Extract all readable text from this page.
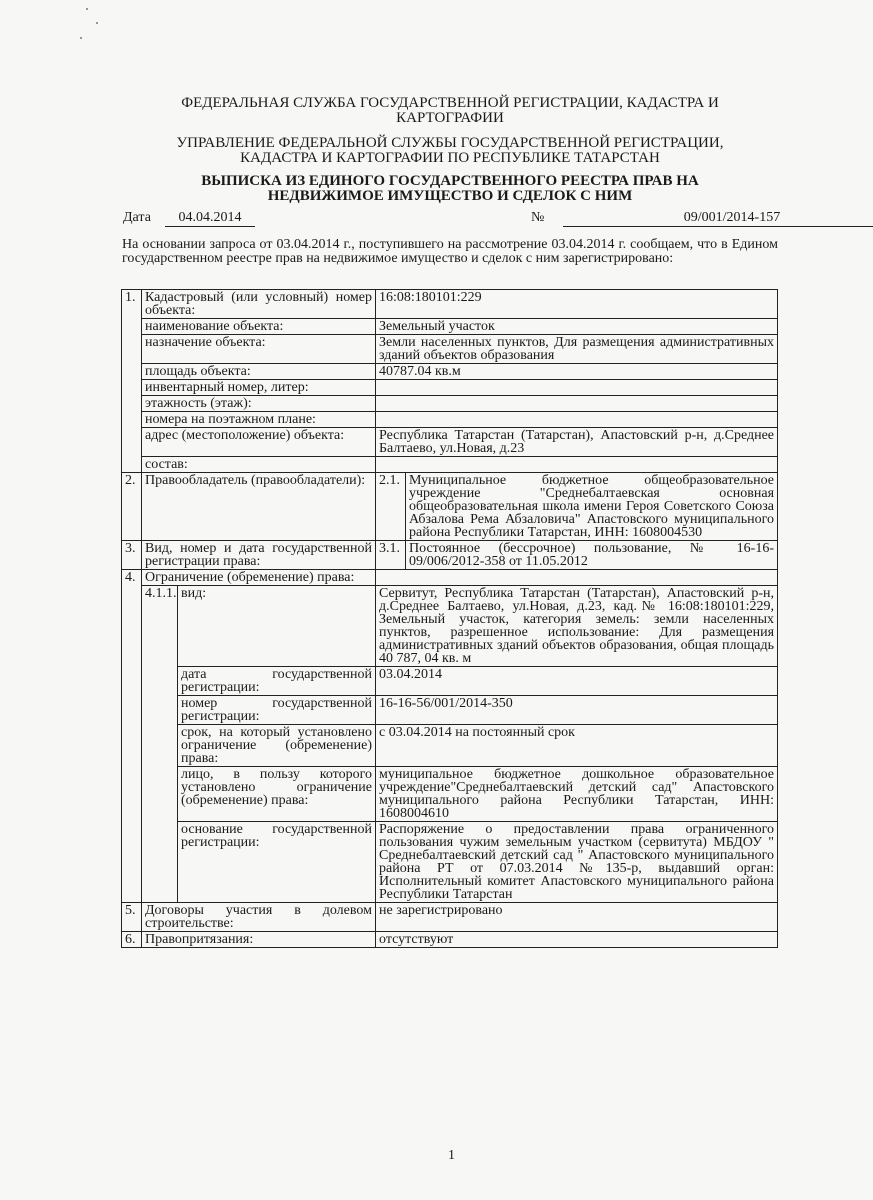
ФЕДЕРАЛЬНАЯ СЛУЖБА ГОСУДАРСТВЕННОЙ РЕГИСТРАЦИИ, КАДАСТРА И

КАРТОГРАФИИ

УПРАВЛЕНИЕ ФЕДЕРАЛЬНОЙ СЛУЖБЫ ГОСУДАРСТВЕННОЙ РЕГИСТРАЦИИ,

КАДАСТРА И КАРТОГРАФИИ ПО РЕСПУБЛИКЕ ТАТАРСТАН

ВЫПИСКА ИЗ ЕДИНОГО ГОСУДАРСТВЕННОГО РЕЕСТРА ПРАВ НА

НЕДВИЖИМОЕ ИМУЩЕСТВО И СДЕЛОК С НИМ

Дата	04.04.2014	№	09/001/2014-157
На основании запроса от 03.04.2014 г., поступившего на рассмотрение 03.04.2014 г. сообщаем, что в Едином государственном реестре прав на недвижимое имущество и сделок с ним зарегистрировано:
1.	Кадастровый (или условный) номер объекта:		16:08:180101:229	
	наименование объекта:		Земельный участок	
	назначение объекта:		Земли населенных пунктов, Для размещения административных зданий объектов образования	
	площадь объекта:		40787.04 кв.м	
	инвентарный номер, литер:			
	этажность (этаж):			
	номера на поэтажном плане:			
	адрес (местоположение) объекта:		Республика Татарстан (Татарстан), Апастовский р-н, д.Среднее Балтаево, ул.Новая, д.23	
	состав:			
2.	Правообладатель (правообладатели):		2.1.	Муниципальное бюджетное общеобразовательное учреждение "Среднебалтаевская основная общеобразовательная школа имени Героя Советского Союза Абзалова Рема Абзаловича" Апастовского муниципального района Республики Татарстан, ИНН: 1608004530
3.	Вид, номер и дата государственной регистрации права:		3.1.	Постоянное (бессрочное) пользование, № 16-16-09/006/2012-358 от 11.05.2012
4.	Ограничение (обременение) права:			
	4.1.1.	вид:	Сервитут, Республика Татарстан (Татарстан), Апастовский р-н, д.Среднее Балтаево, ул.Новая, д.23, кад.№ 16:08:180101:229, Земельный участок, категория земель: земли населенных пунктов, разрешенное использование: Для размещения административных зданий объектов образования, общая площадь 40 787, 04 кв. м	
		дата государственной регистрации:	03.04.2014	
		номер государственной регистрации:	16-16-56/001/2014-350	
		срок, на который установлено ограничение (обременение) права:	с 03.04.2014 на постоянный срок	
		лицо, в пользу которого установлено ограничение (обременение) права:	муниципальное бюджетное дошкольное образовательное учреждение"Среднебалтаевский детский сад" Апастовского муниципального района Республики Татарстан, ИНН: 1608004610	
		основание государственной регистрации:	Распоряжение о предоставлении права ограниченного пользования чужим земельным участком (сервитута) МБДОУ " Среднебалтаевский детский сад " Апастовского муниципального района РТ от 07.03.2014 №135-р, выдавший орган: Исполнительный комитет Апастовского муниципального района Республики Татарстан	
5.	Договоры участия в долевом строительстве:		не зарегистрировано	
6.	Правопритязания:		отсутствуют	
1
